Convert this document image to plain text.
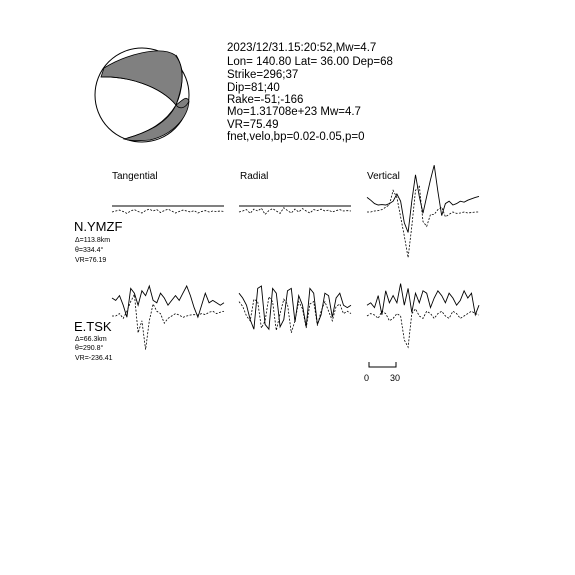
2023/12/31.15:20:52,Mw=4.7
Lon= 140.80 Lat= 36.00 Dep=68
Strike=296;37
Dip=81;40
Rake=-51;-166
Mo=1.31708e+23 Mw=4.7
VR=75.49
fnet,velo,bp=0.02-0.05,p=0
Tangential	Radial	Vertical
N.YMZF
Δ=113.8km
θ=334.4°
VR=76.19
E.TSK
Δ=66.3km
θ=290.8°
VR=-236.41
0 30
